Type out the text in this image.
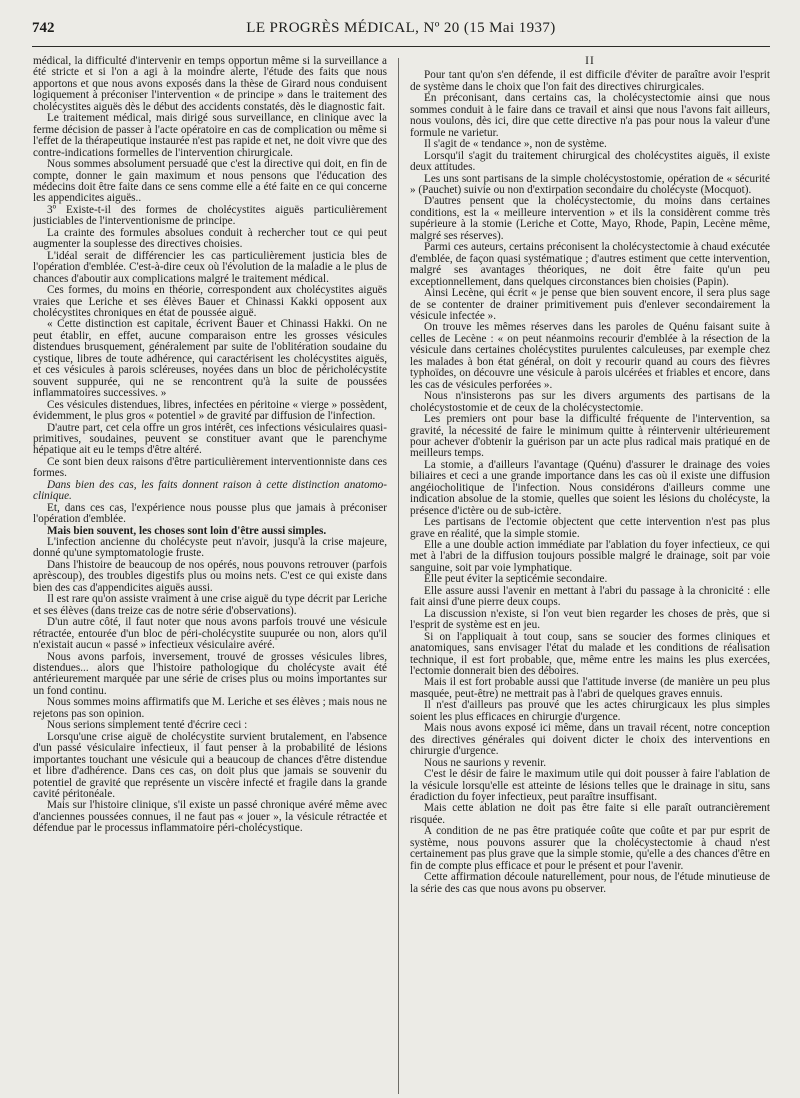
742	LE PROGRÈS MÉDICAL, Nº 20 (15 Mai 1937)

médical, la difficulté d'intervenir en temps opportun même si la surveillance a été stricte et si l'on a agi à la moindre alerte, l'étude des faits que nous apportons et que nous avons exposés dans la thèse de Girard nous conduisent logiquement à préconiser l'intervention « de principe » dans le traitement des cholécystites aiguës dès le début des accidents constatés, dès le diagnostic fait.

Le traitement médical, mais dirigé sous surveillance, en clinique avec la ferme décision de passer à l'acte opératoire en cas de complication ou même si l'effet de la thérapeutique instaurée n'est pas rapide et net, ne doit vivre que des contre-indications formelles de l'intervention chirurgicale.

Nous sommes absolument persuadé que c'est la directive qui doit, en fin de compte, donner le gain maximum et nous pensons que l'éducation des médecins doit être faite dans ce sens comme elle a été faite en ce qui concerne les appendicites aiguës..

3º Existe-t-il des formes de cholécystites aiguës particulièrement justiciables de l'interventionisme de principe.

La crainte des formules absolues conduit à rechercher tout ce qui peut augmenter la souplesse des directives choisies.

L'idéal serait de différencier les cas particulièrement justicia bles de l'opération d'emblée. C'est-à-dire ceux où l'évolution de la maladie a le plus de chances d'aboutir aux complications malgré le traitement médical.

Ces formes, du moins en théorie, correspondent aux cholécystites aiguës vraies que Leriche et ses élèves Bauer et Chinassi Kakki opposent aux cholécystites chroniques en état de poussée aiguë.

« Cette distinction est capitale, écrivent Bauer et Chinassi Hakki. On ne peut établir, en effet, aucune comparaison entre les grosses vésicules distendues brusquement, généralement par suite de l'oblitération soudaine du cystique, libres de toute adhérence, qui caractérisent les cholécystites aiguës, et ces vésicules à parois scléreuses, noyées dans un bloc de péricholécystite souvent suppurée, qui ne se rencontrent qu'à la suite de poussées inflammatoires successives. »

Ces vésicules distendues, libres, infectées en péritoine « vierge » possèdent, évidemment, le plus gros « potentiel » de gravité par diffusion de l'infection.

D'autre part, cet cela offre un gros intérêt, ces infections vésiculaires quasi-primitives, soudaines, peuvent se constituer avant que le parenchyme hépatique ait eu le temps d'être altéré.

Ce sont bien deux raisons d'être particulièrement interventionniste dans ces formes.

Dans bien des cas, les faits donnent raison à cette distinction anatomo-clinique.

Et, dans ces cas, l'expérience nous pousse plus que jamais à préconiser l'opération d'emblée.

Mais bien souvent, les choses sont loin d'être aussi simples.

L'infection ancienne du cholécyste peut n'avoir, jusqu'à la crise majeure, donné qu'une symptomatologie fruste.

Dans l'histoire de beaucoup de nos opérés, nous pouvons retrouver (parfois aprèscoup), des troubles digestifs plus ou moins nets. C'est ce qui existe dans bien des cas d'appendicites aiguës aussi.

Il est rare qu'on assiste vraiment à une crise aiguë du type décrit par Leriche et ses élèves (dans treize cas de notre série d'observations).

D'un autre côté, il faut noter que nous avons parfois trouvé une vésicule rétractée, entourée d'un bloc de péri-cholécystite suupurée ou non, alors qu'il n'existait aucun « passé » infectieux vésiculaire avéré.

Nous avons parfois, inversement, trouvé de grosses vésicules libres, distendues... alors que l'histoire pathologique du cholécyste avait été antérieurement marquée par une série de crises plus ou moins importantes sur un fond continu.

Nous sommes moins affirmatifs que M. Leriche et ses élèves ; mais nous ne rejetons pas son opinion.

Nous serions simplement tenté d'écrire ceci :

Lorsqu'une crise aiguë de cholécystite survient brutalement, en l'absence d'un passé vésiculaire infectieux, il faut penser à la probabilité de lésions importantes touchant une vésicule qui a beaucoup de chances d'être distendue et libre d'adhérence. Dans ces cas, on doit plus que jamais se souvenir du potentiel de gravité que représente un viscère infecté et fragile dans la grande cavité péritonéale.

Mais sur l'histoire clinique, s'il existe un passé chronique avéré même avec d'anciennes poussées connues, il ne faut pas « jouer », la vésicule rétractée et défendue par le processus inflammatoire péri-cholécystique.

II

Pour tant qu'on s'en défende, il est difficile d'éviter de paraître avoir l'esprit de système dans le choix que l'on fait des directives chirurgicales.

En préconisant, dans certains cas, la cholécystectomie ainsi que nous sommes conduit à le faire dans ce travail et ainsi que nous l'avons fait ailleurs, nous voulons, dès ici, dire que cette directive n'a pas pour nous la valeur d'une formule ne varietur.

Il s'agit de « tendance », non de système.

Lorsqu'il s'agit du traitement chirurgical des cholécystites aiguës, il existe deux attitudes.

Les uns sont partisans de la simple cholécystostomie, opération de « sécurité » (Pauchet) suivie ou non d'extirpation secondaire du cholécyste (Mocquot).

D'autres pensent que la cholécystectomie, du moins dans certaines conditions, est la « meilleure intervention » et ils la considèrent comme très supérieure à la stomie (Leriche et Cotte, Mayo, Rhode, Papin, Lecène même, malgré ses réserves).

Parmi ces auteurs, certains préconisent la cholécystectomie à chaud exécutée d'emblée, de façon quasi systématique ; d'autres estiment que cette intervention, malgré ses avantages théoriques, ne doit être faite qu'un peu exceptionnellement, dans quelques circonstances bien choisies (Papin).

Ainsi Lecène, qui écrit « je pense que bien souvent encore, il sera plus sage de se contenter de drainer primitivement puis d'enlever secondairement la vésicule infectée ».

On trouve les mêmes réserves dans les paroles de Quénu faisant suite à celles de Lecène : « on peut néanmoins recourir d'emblée à la résection de la vésicule dans certaines cholécystites purulentes calculeuses, par exemple chez les malades à bon état général, on doit y recourir quand au cours des fièvres typhoïdes, on découvre une vésicule à parois ulcérées et friables et encore, dans les cas de vésicules perforées ».

Nous n'insisterons pas sur les divers arguments des partisans de la cholécystostomie et de ceux de la cholécystectomie.

Les premiers ont pour base la difficulté fréquente de l'intervention, sa gravité, la nécessité de faire le minimum quitte à réintervenir ultérieurement pour achever d'obtenir la guérison par un acte plus radical mais pratiqué en de meilleurs temps.

La stomie, a d'ailleurs l'avantage (Quénu) d'assurer le drainage des voies biliaires et ceci a une grande importance dans les cas où il existe une diffusion angéiocholitique de l'infection. Nous considérons d'ailleurs comme une indication absolue de la stomie, quelles que soient les lésions du cholécyste, la présence d'ictère ou de sub-ictère.

Les partisans de l'ectomie objectent que cette intervention n'est pas plus grave en réalité, que la simple stomie.

Elle a une double action immédiate par l'ablation du foyer infectieux, ce qui met à l'abri de la diffusion toujours possible malgré le drainage, soit par voie sanguine, soit par voie lymphatique.

Elle peut éviter la septicémie secondaire.

Elle assure aussi l'avenir en mettant à l'abri du passage à la chronicité : elle fait ainsi d'une pierre deux coups.

La discussion n'existe, si l'on veut bien regarder les choses de près, que si l'esprit de système est en jeu.

Si on l'appliquait à tout coup, sans se soucier des formes cliniques et anatomiques, sans envisager l'état du malade et les conditions de réalisation technique, il est fort probable, que, même entre les mains les plus exercées, l'ectomie donnerait bien des déboires.

Mais il est fort probable aussi que l'attitude inverse (de manière un peu plus masquée, peut-être) ne mettrait pas à l'abri de quelques graves ennuis.

Il n'est d'ailleurs pas prouvé que les actes chirurgicaux les plus simples soient les plus efficaces en chirurgie d'urgence.

Mais nous avons exposé ici même, dans un travail récent, notre conception des directives générales qui doivent dicter le choix des interventions en chirurgie d'urgence.

Nous ne saurions y revenir.

C'est le désir de faire le maximum utile qui doit pousser à faire l'ablation de la vésicule lorsqu'elle est atteinte de lésions telles que le drainage in situ, sans éradiction du foyer infectieux, peut paraître insuffisant.

Mais cette ablation ne doit pas être faite si elle paraît outrancièrement risquée.

A condition de ne pas être pratiquée coûte que coûte et par pur esprit de système, nous pouvons assurer que la cholécystectomie à chaud n'est certainement pas plus grave que la simple stomie, qu'elle a des chances d'être en fin de compte plus efficace et pour le présent et pour l'avenir.

Cette affirmation découle naturellement, pour nous, de l'étude minutieuse de la série des cas que nous avons pu observer.
